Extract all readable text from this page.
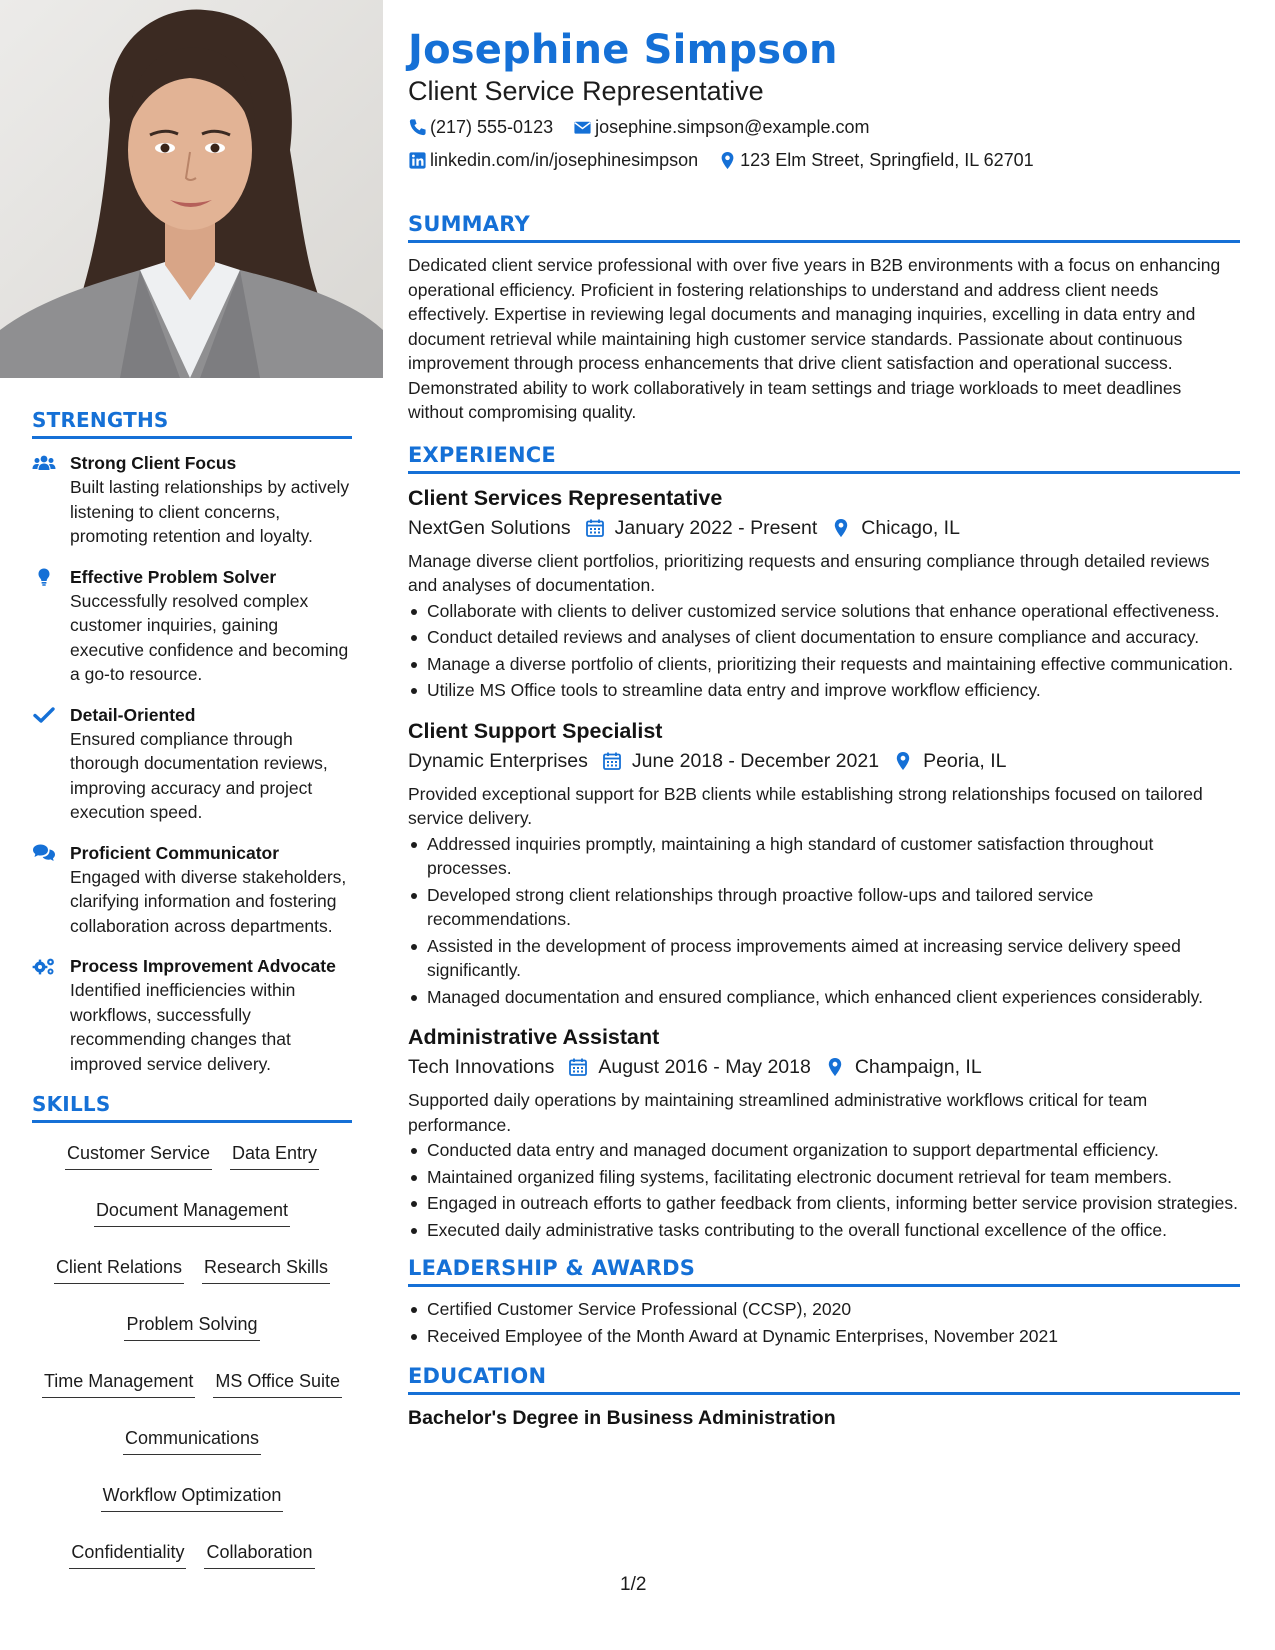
STRENGTHS
Strong Client Focus
Built lasting relationships by actively listening to client concerns, promoting retention and loyalty.
Effective Problem Solver
Successfully resolved complex customer inquiries, gaining executive confidence and becoming a go-to resource.
Detail-Oriented
Ensured compliance through thorough documentation reviews, improving accuracy and project execution speed.
Proficient Communicator
Engaged with diverse stakeholders, clarifying information and fostering collaboration across departments.
Process Improvement Advocate
Identified inefficiencies within workflows, successfully recommending changes that improved service delivery.
SKILLS
Customer Service Data Entry
Document Management
Client Relations Research Skills
Problem Solving
Time Management MS Office Suite
Communications
Workflow Optimization
Confidentiality Collaboration
Josephine Simpson
Client Service Representative
(217) 555-0123 josephine.simpson@example.com
linkedin.com/in/josephinesimpson 123 Elm Street, Springfield, IL 62701
SUMMARY
Dedicated client service professional with over five years in B2B environments with a focus on enhancing operational efficiency. Proficient in fostering relationships to understand and address client needs effectively. Expertise in reviewing legal documents and managing inquiries, excelling in data entry and document retrieval while maintaining high customer service standards. Passionate about continuous improvement through process enhancements that drive client satisfaction and operational success. Demonstrated ability to work collaboratively in team settings and triage workloads to meet deadlines without compromising quality.
EXPERIENCE
Client Services Representative
NextGen Solutions January 2022 - Present Chicago, IL
Manage diverse client portfolios, prioritizing requests and ensuring compliance through detailed reviews and analyses of documentation.
Collaborate with clients to deliver customized service solutions that enhance operational effectiveness.
Conduct detailed reviews and analyses of client documentation to ensure compliance and accuracy.
Manage a diverse portfolio of clients, prioritizing their requests and maintaining effective communication.
Utilize MS Office tools to streamline data entry and improve workflow efficiency.
Client Support Specialist
Dynamic Enterprises June 2018 - December 2021 Peoria, IL
Provided exceptional support for B2B clients while establishing strong relationships focused on tailored service delivery.
Addressed inquiries promptly, maintaining a high standard of customer satisfaction throughout processes.
Developed strong client relationships through proactive follow-ups and tailored service recommendations.
Assisted in the development of process improvements aimed at increasing service delivery speed significantly.
Managed documentation and ensured compliance, which enhanced client experiences considerably.
Administrative Assistant
Tech Innovations August 2016 - May 2018 Champaign, IL
Supported daily operations by maintaining streamlined administrative workflows critical for team performance.
Conducted data entry and managed document organization to support departmental efficiency.
Maintained organized filing systems, facilitating electronic document retrieval for team members.
Engaged in outreach efforts to gather feedback from clients, informing better service provision strategies.
Executed daily administrative tasks contributing to the overall functional excellence of the office.
LEADERSHIP & AWARDS
Certified Customer Service Professional (CCSP), 2020
Received Employee of the Month Award at Dynamic Enterprises, November 2021
EDUCATION
Bachelor's Degree in Business Administration
1/2
